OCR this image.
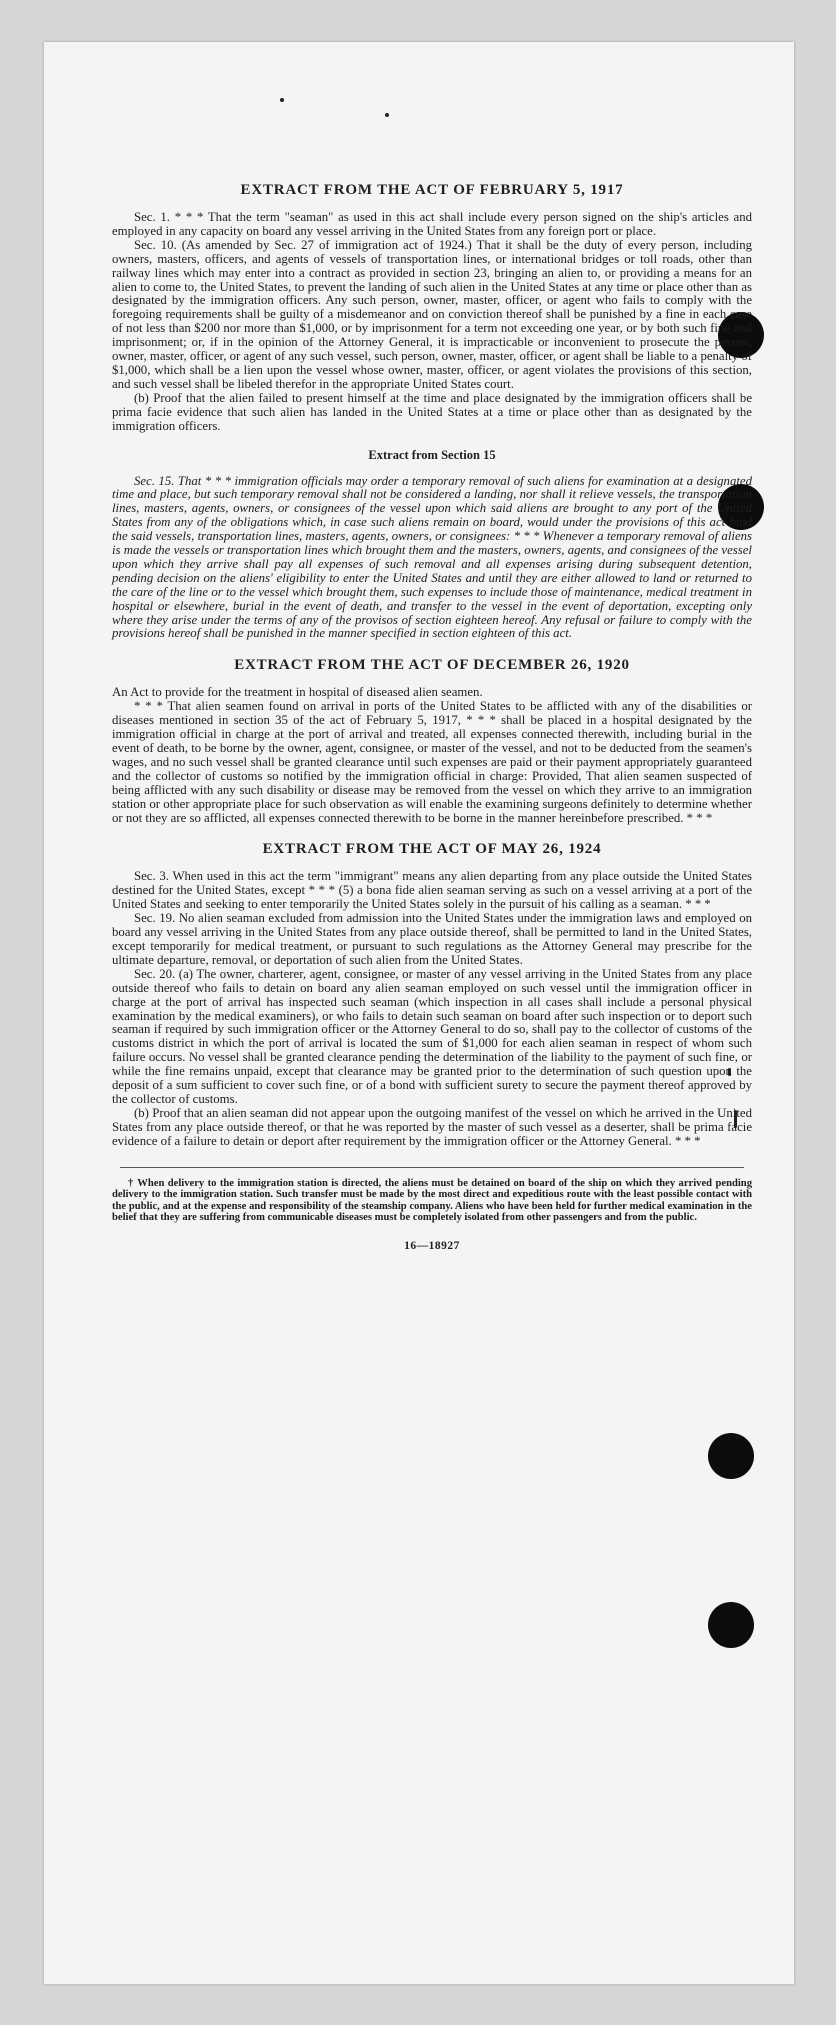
EXTRACT FROM THE ACT OF FEBRUARY 5, 1917

Sec. 1. * * * That the term "seaman" as used in this act shall include every person signed on the ship's articles and employed in any capacity on board any vessel arriving in the United States from any foreign port or place.

Sec. 10. (As amended by Sec. 27 of immigration act of 1924.) That it shall be the duty of every person, including owners, masters, officers, and agents of vessels of transportation lines, or international bridges or toll roads, other than railway lines which may enter into a contract as provided in section 23, bringing an alien to, or providing a means for an alien to come to, the United States, to prevent the landing of such alien in the United States at any time or place other than as designated by the immigration officers. Any such person, owner, master, officer, or agent who fails to comply with the foregoing requirements shall be guilty of a misdemeanor and on conviction thereof shall be punished by a fine in each case of not less than $200 nor more than $1,000, or by imprisonment for a term not exceeding one year, or by both such fine and imprisonment; or, if in the opinion of the Attorney General, it is impracticable or inconvenient to prosecute the person, owner, master, officer, or agent of any such vessel, such person, owner, master, officer, or agent shall be liable to a penalty of $1,000, which shall be a lien upon the vessel whose owner, master, officer, or agent violates the provisions of this section, and such vessel shall be libeled therefor in the appropriate United States court.

(b) Proof that the alien failed to present himself at the time and place designated by the immigration officers shall be prima facie evidence that such alien has landed in the United States at a time or place other than as designated by the immigration officers.

Extract from Section 15

Sec. 15. That * * * immigration officials may order a temporary removal of such aliens for examination at a designated time and place, but such temporary removal shall not be considered a landing, nor shall it relieve vessels, the transportation lines, masters, agents, owners, or consignees of the vessel upon which said aliens are brought to any port of the United States from any of the obligations which, in case such aliens remain on board, would under the provisions of this act bind the said vessels, transportation lines, masters, agents, owners, or consignees: * * * Whenever a temporary removal of aliens is made the vessels or transportation lines which brought them and the masters, owners, agents, and consignees of the vessel upon which they arrive shall pay all expenses of such removal and all expenses arising during subsequent detention, pending decision on the aliens' eligibility to enter the United States and until they are either allowed to land or returned to the care of the line or to the vessel which brought them, such expenses to include those of maintenance, medical treatment in hospital or elsewhere, burial in the event of death, and transfer to the vessel in the event of deportation, excepting only where they arise under the terms of any of the provisos of section eighteen hereof. Any refusal or failure to comply with the provisions hereof shall be punished in the manner specified in section eighteen of this act.

EXTRACT FROM THE ACT OF DECEMBER 26, 1920

An Act to provide for the treatment in hospital of diseased alien seamen.

* * * That alien seamen found on arrival in ports of the United States to be afflicted with any of the disabilities or diseases mentioned in section 35 of the act of February 5, 1917, * * * shall be placed in a hospital designated by the immigration official in charge at the port of arrival and treated, all expenses connected therewith, including burial in the event of death, to be borne by the owner, agent, consignee, or master of the vessel, and not to be deducted from the seamen's wages, and no such vessel shall be granted clearance until such expenses are paid or their payment appropriately guaranteed and the collector of customs so notified by the immigration official in charge: Provided, That alien seamen suspected of being afflicted with any such disability or disease may be removed from the vessel on which they arrive to an immigration station or other appropriate place for such observation as will enable the examining surgeons definitely to determine whether or not they are so afflicted, all expenses connected therewith to be borne in the manner hereinbefore prescribed. * * *

EXTRACT FROM THE ACT OF MAY 26, 1924

Sec. 3. When used in this act the term "immigrant" means any alien departing from any place outside the United States destined for the United States, except * * * (5) a bona fide alien seaman serving as such on a vessel arriving at a port of the United States and seeking to enter temporarily the United States solely in the pursuit of his calling as a seaman. * * *

Sec. 19. No alien seaman excluded from admission into the United States under the immigration laws and employed on board any vessel arriving in the United States from any place outside thereof, shall be permitted to land in the United States, except temporarily for medical treatment, or pursuant to such regulations as the Attorney General may prescribe for the ultimate departure, removal, or deportation of such alien from the United States.

Sec. 20. (a) The owner, charterer, agent, consignee, or master of any vessel arriving in the United States from any place outside thereof who fails to detain on board any alien seaman employed on such vessel until the immigration officer in charge at the port of arrival has inspected such seaman (which inspection in all cases shall include a personal physical examination by the medical examiners), or who fails to detain such seaman on board after such inspection or to deport such seaman if required by such immigration officer or the Attorney General to do so, shall pay to the collector of customs of the customs district in which the port of arrival is located the sum of $1,000 for each alien seaman in respect of whom such failure occurs. No vessel shall be granted clearance pending the determination of the liability to the payment of such fine, or while the fine remains unpaid, except that clearance may be granted prior to the determination of such question upon the deposit of a sum sufficient to cover such fine, or of a bond with sufficient surety to secure the payment thereof approved by the collector of customs.

(b) Proof that an alien seaman did not appear upon the outgoing manifest of the vessel on which he arrived in the United States from any place outside thereof, or that he was reported by the master of such vessel as a deserter, shall be prima facie evidence of a failure to detain or deport after requirement by the immigration officer or the Attorney General. * * *

† When delivery to the immigration station is directed, the aliens must be detained on board of the ship on which they arrived pending delivery to the immigration station. Such transfer must be made by the most direct and expeditious route with the least possible contact with the public, and at the expense and responsibility of the steamship company. Aliens who have been held for further medical examination in the belief that they are suffering from communicable diseases must be completely isolated from other passengers and from the public.

16—18927
